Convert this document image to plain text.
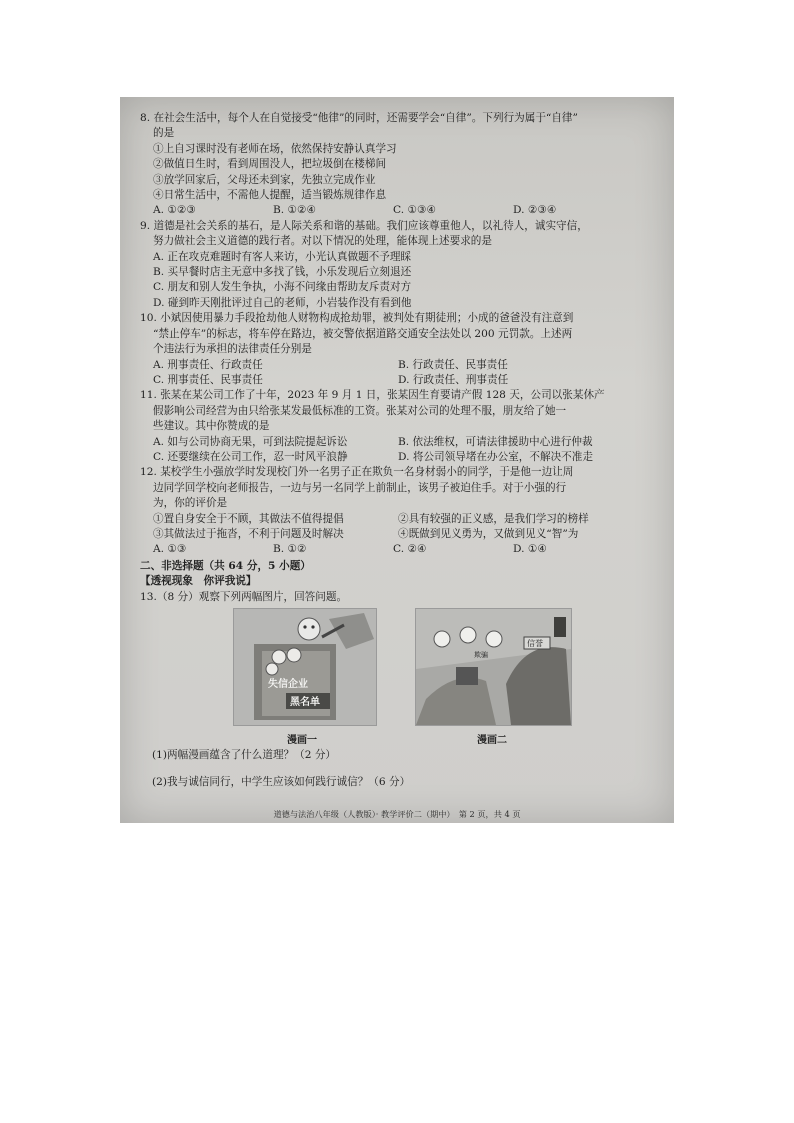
8. 在社会生活中，每个人在自觉接受“他律”的同时，还需要学会“自律”。下列行为属于“自律”
的是
①上自习课时没有老师在场，依然保持安静认真学习
②做值日生时，看到周围没人，把垃圾倒在楼梯间
③放学回家后，父母还未到家，先独立完成作业
④日常生活中，不需他人提醒，适当锻炼规律作息
A. ①②③	B. ①②④	C. ①③④	D. ②③④
9. 道德是社会关系的基石，是人际关系和谐的基础。我们应该尊重他人，以礼待人，诚实守信，
努力做社会主义道德的践行者。对以下情况的处理，能体现上述要求的是
A. 正在攻克难题时有客人来访，小光认真做题不予理睬
B. 买早餐时店主无意中多找了钱，小乐发现后立刻退还
C. 朋友和别人发生争执，小海不问缘由帮助友斥责对方
D. 碰到昨天刚批评过自己的老师，小岩装作没有看到他
10. 小斌因使用暴力手段抢劫他人财物构成抢劫罪，被判处有期徒刑；小成的爸爸没有注意到
“禁止停车”的标志，将车停在路边，被交警依据道路交通安全法处以 200 元罚款。上述两
个违法行为承担的法律责任分别是
A. 刑事责任、行政责任	B. 行政责任、民事责任
C. 刑事责任、民事责任	D. 行政责任、刑事责任
11. 张某在某公司工作了十年，2023 年 9 月 1 日，张某因生育要请产假 128 天，公司以张某休产
假影响公司经营为由只给张某发最低标准的工资。张某对公司的处理不服，朋友给了她一
些建议。其中你赞成的是
A. 如与公司协商无果，可到法院提起诉讼	B. 依法维权，可请法律援助中心进行仲裁
C. 还要继续在公司工作，忍一时风平浪静	D. 将公司领导堵在办公室，不解决不准走
12. 某校学生小强放学时发现校门外一名男子正在欺负一名身材弱小的同学，于是他一边让周
边同学回学校向老师报告，一边与另一名同学上前制止，该男子被迫住手。对于小强的行
为，你的评价是
①置自身安全于不顾，其做法不值得提倡	②具有较强的正义感，是我们学习的榜样
③其做法过于拖沓，不利于问题及时解决	④既做到见义勇为，又做到见义“智”为
A. ①③	B. ①②	C. ②④	D. ①④
二、非选择题（共 64 分，5 小题）
【透视现象　你评我说】
13.（8 分）观察下列两幅图片，回答问题。
失信企业
黑名单
欺骗
信誉
漫画一	漫画二
(1)两幅漫画蕴含了什么道理？（2 分）
(2)我与诚信同行，中学生应该如何践行诚信？（6 分）
道德与法治八年级（人教版）· 教学评价二（期中）　第 2 页，共 4 页
